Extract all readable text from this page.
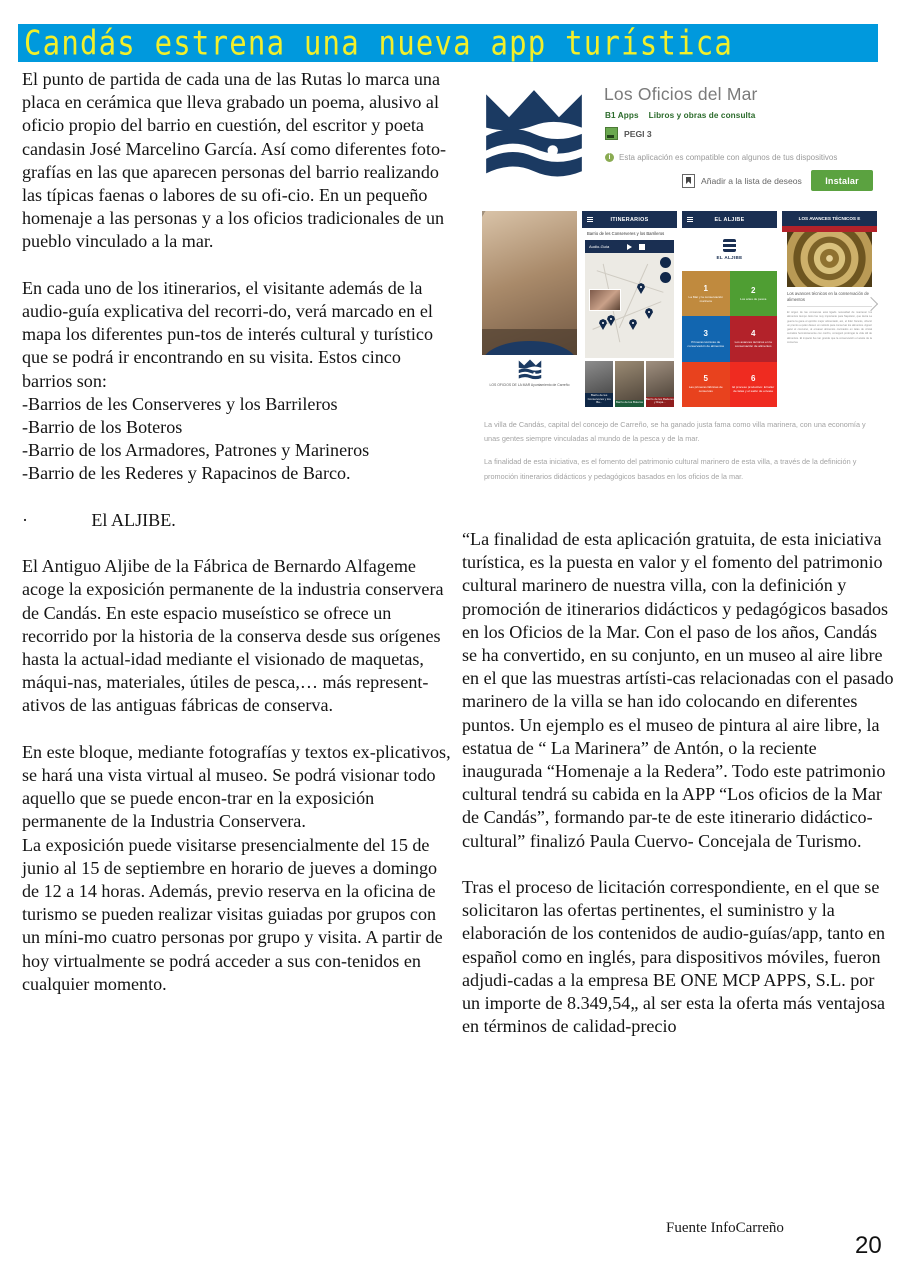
Candás estrena una nueva app turística

El punto de partida de cada una de las Rutas lo marca una placa en cerámica que lleva grabado un poema, alusivo al oficio propio del barrio en cuestión, del escritor y poeta candasin José Marcelino García. Así como diferentes foto-grafías en las que aparecen personas del barrio realizando las típicas faenas o labores de su ofi-cio. En un pequeño homenaje a las personas y a los oficios tradicionales de un pueblo vinculado a la mar.

En cada uno de los itinerarios, el visitante además de la audio-guía explicativa del recorri-do, verá marcado en el mapa los diferentes pun-tos de interés cultural y turístico que se podrá ir encontrando en su visita. Estos cinco barrios son:

-Barrios de les Conserveres y los Barrileros

-Barrio de los Boteros

-Barrio de los Armadores, Patrones y Marineros

-Barrio de les Rederes y Rapacinos de Barco.

·              El ALJIBE.

El Antiguo Aljibe de la Fábrica de Bernardo Alfageme acoge la exposición permanente de la industria conservera de Candás. En este espacio museístico se ofrece un recorrido por la historia de la conserva desde sus orígenes hasta la actual-idad mediante el visionado de maquetas, máqui-nas, materiales, útiles de pesca,… más represent-ativos de las antiguas fábricas de conserva.

En este bloque, mediante fotografías y textos ex-plicativos, se hará una vista virtual al museo. Se podrá visionar todo aquello que se puede encon-trar en la exposición permanente de la Industria Conservera.

La exposición puede visitarse presencialmente del 15 de junio al 15 de septiembre en horario de jueves a domingo de 12 a 14 horas. Además, previo reserva en la oficina de turismo se pueden realizar visitas guiadas por grupos con un míni-mo cuatro personas por grupo y visita. A partir de hoy virtualmente se podrá acceder a sus con-tenidos en cualquier momento.

“La finalidad de esta aplicación gratuita, de esta iniciativa turística, es la puesta en valor y el fomento del patrimonio cultural marinero de nuestra villa, con la definición y promoción de itinerarios didácticos y pedagógicos basados en los Oficios de la Mar. Con el paso de los años, Candás se ha convertido, en su conjunto, en un museo al aire libre en el que las muestras artísti-cas relacionadas con el pasado marinero de la villa se han ido colocando en diferentes puntos. Un ejemplo es el museo de pintura al aire libre, la estatua de “ La Marinera” de Antón, o la reciente inaugurada “Homenaje a la Redera”. Todo este patrimonio cultural tendrá su cabida en la APP “Los oficios de la Mar de Candás”, formando par-te de este itinerario didáctico-cultural” finalizó Paula Cuervo- Concejala de Turismo.

Tras el proceso de licitación correspondiente, en el que se solicitaron las ofertas pertinentes, el suministro y la elaboración de los contenidos de audio-guías/app, tanto en español como en inglés, para dispositivos móviles, fueron adjudi-cadas a la empresa BE ONE MCP APPS, S.L. por un importe de 8.349,54„ al ser esta la oferta más ventajosa en términos de calidad-precio

Los Oficios del Mar
B1 Apps Libros y obras de consulta
PEGI 3
i	Esta aplicación es compatible con algunos de tus dispositivos
Añadir a la lista de deseos	Instalar
LOS OFICIOS DE LA MAR Ayuntamiento de Carreño
ITINERARIOS
Barrio de les Conserveres y los Barrileros
Audio-Guía
Barrio de les Conserveres y los Ba...	Barrio de los Boteros
Barrio de les Rederes y Rapa...
EL ALJIBE
EL ALJIBE
1
La Mar y la conservación marinera
2
Los artes de pesca
3
Primeras técnicas de conservación de alimentos
4
Los avances técnicos en la conservación de alimentos
5
Las primeras fábricas de conservas
6
El proceso productivo: El taller de latas y el salón de envase
LOS AVANCES TÉCNICOS E
Los avances técnicos en la conservación de alimentos
El origen de las conservas está ligado necesidad de mantener los alimentos tiempo. Esto fue muy importante para Napoleón, que decía La guerra la gana el ejército mejor alimentado, así, el líder francés, ofreció un premio a quién diesen un método para conservar los alimentos. Appert ganó el concurso, al envasar alimentos cocinados en latas de cristal cerrados herméticamente con corcho, consiguió prolongar la vida útil de alimentos. El impacto fue tan grande que la conservación el aceite de la conserva.

La villa de Candás, capital del concejo de Carreño, se ha ganado justa fama como villa marinera, con una economía y unas gentes siempre vinculadas al mundo de la pesca y de la mar.

La finalidad de esta iniciativa, es el fomento del patrimonio cultural marinero de esta villa, a través de la definición y promoción itinerarios didácticos y pedagógicos basados en los oficios de la mar.

Fuente InfoCarreño
20
